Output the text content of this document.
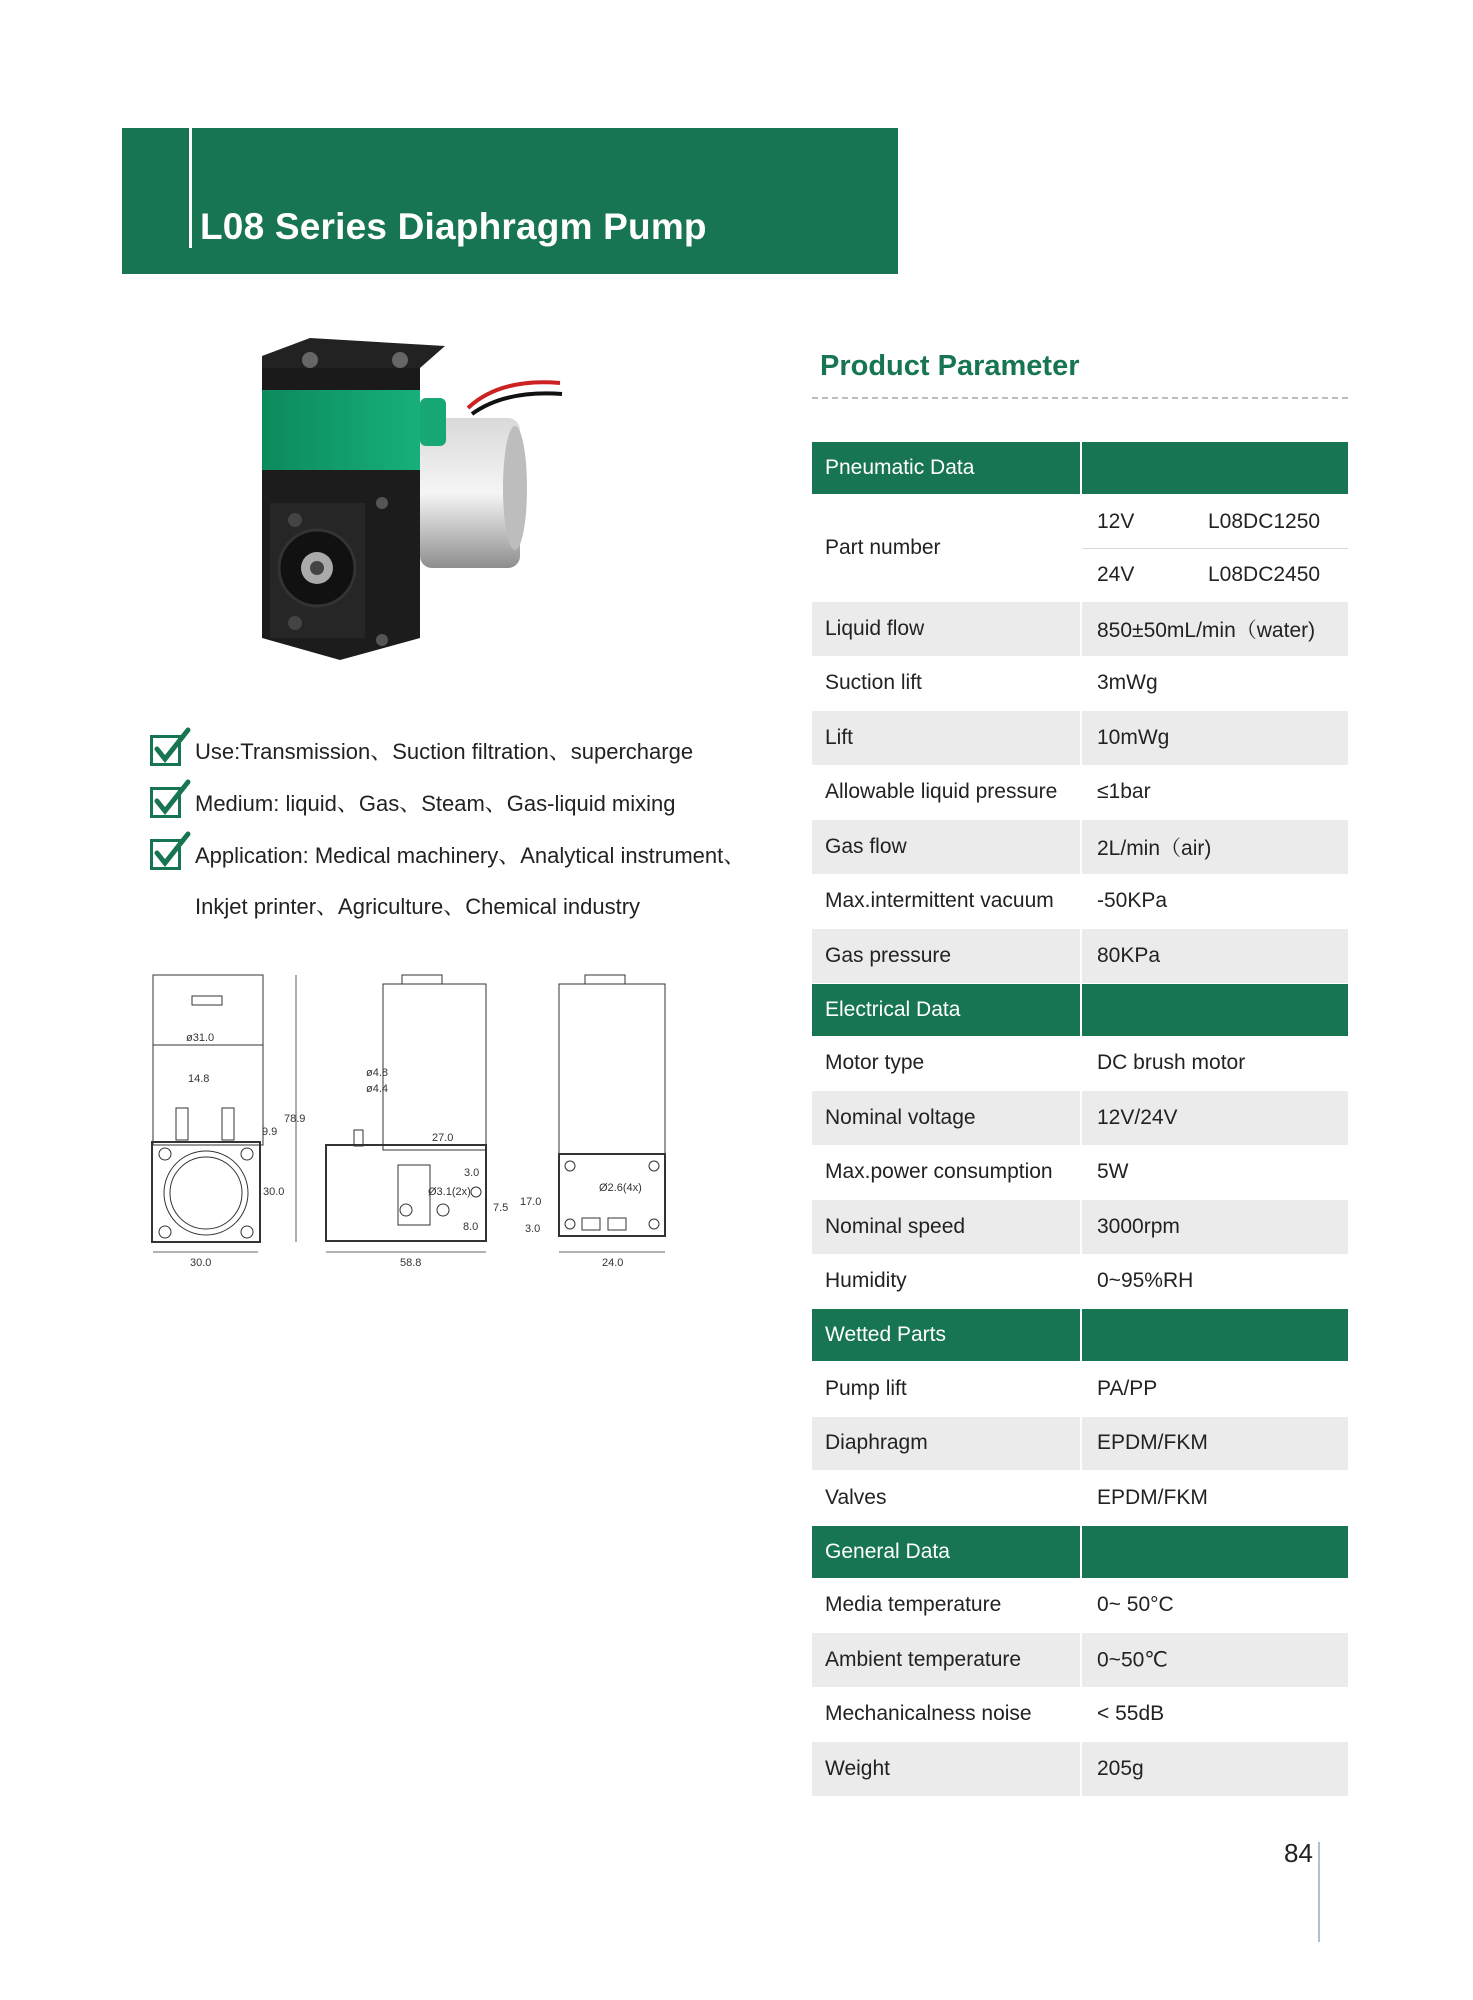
L08 Series Diaphragm Pump
Use:Transmission、Suction filtration、supercharge
Medium: liquid、Gas、Steam、Gas-liquid mixing
Application: Medical machinery、Analytical instrument、
Inkjet printer、Agriculture、Chemical industry
ø31.0
14.8
78.9
9.9
30.0
30.0
ø4.8
ø4.4
27.0
3.0
Ø3.1(2x)
7.5
8.0
58.8
Ø2.6(4x)
17.0
3.0
24.0
Product Parameter
Pneumatic Data
Part number
12V	L08DC1250
24V	L08DC2450
Liquid flow	850±50mL/min（water)
Suction lift	3mWg
Lift	10mWg
Allowable liquid pressure ≤1bar
Gas flow	2L/min（air)
Max.intermittent vacuum -50KPa
Gas pressure	80KPa
Electrical Data
Motor type	DC brush motor
Nominal voltage	12V/24V
Max.power consumption 5W
Nominal speed	3000rpm
Humidity	0~95%RH
Wetted Parts
Pump lift	PA/PP
Diaphragm	EPDM/FKM
Valves	EPDM/FKM
General Data
Media temperature	0~ 50°C
Ambient temperature	0~50℃
Mechanicalness noise	< 55dB
Weight	205g
84
